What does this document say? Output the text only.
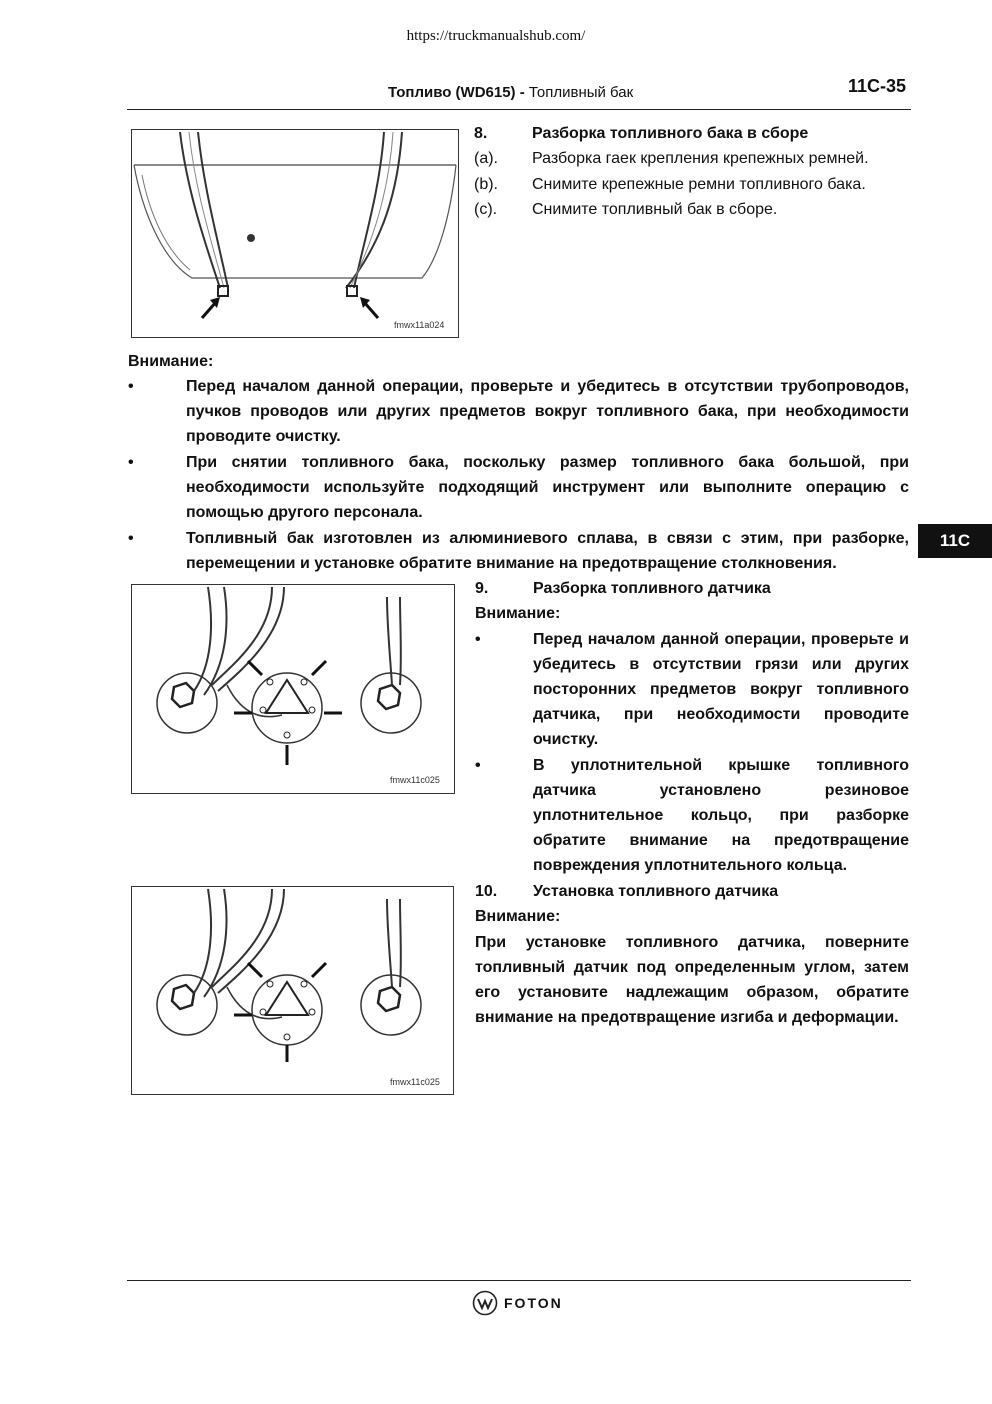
https://truckmanualshub.com/
Топливо (WD615) - Топливный бак	11C-35
fmwx11a024
8.	Разборка топливного бака в сборе
(a). Разборка гаек крепления крепежных ремней.
(b). Снимите крепежные ремни топливного бака.
(c). Снимите топливный бак в сборе.
Внимание:
•	Перед началом данной операции, проверьте и убедитесь в отсутствии трубопроводов, пучков проводов или других предметов вокруг топливного бака, при необходимости проводите очистку.
•	При снятии топливного бака, поскольку размер топливного бака большой, при необходимости используйте подходящий инструмент или выполните операцию с помощью другого персонала.
•	Топливный бак изготовлен из алюминиевого сплава, в связи с этим, при разборке, перемещении и установке обратите внимание на предотвращение столкновения.
11C
fmwx11c025
9.	Разборка топливного датчика
Внимание:
•	Перед началом данной операции, проверьте и убедитесь в отсутствии грязи или других посторонних предметов вокруг топливного датчика, при необходимости проводите очистку.
•	В уплотнительной крышке топливного датчика установлено резиновое уплотнительное кольцо, при разборке обратите внимание на предотвращение повреждения уплотнительного кольца.
fmwx11c025
10. Установка топливного датчика
Внимание:
При установке топливного датчика, поверните топливный датчик под определенным углом, затем его установите надлежащим образом, обратите внимание на предотвращение изгиба и деформации.
FOTON
